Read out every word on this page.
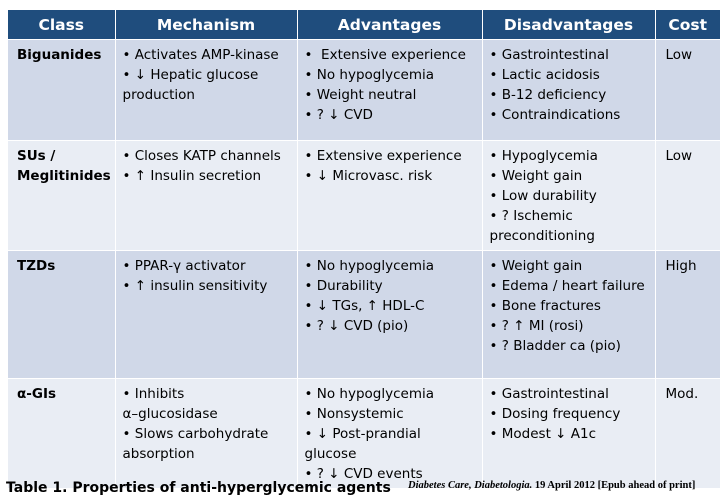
Class	Mechanism	Advantages	Disadvantages	Cost

Biguanides	• Activates AMP-kinase
• ↓ Hepatic glucose
production	•  Extensive experience
• No hypoglycemia
• Weight neutral
• ? ↓ CVD	• Gastrointestinal
• Lactic acidosis
• B-12 deficiency
• Contraindications	Low

SUs /
Meglitinides	• Closes KATP channels
• ↑ Insulin secretion	• Extensive experience
• ↓ Microvasc. risk	• Hypoglycemia
• Weight gain
• Low durability
• ? Ischemic
preconditioning	Low

TZDs	• PPAR-γ activator
• ↑ insulin sensitivity	• No hypoglycemia
• Durability
• ↓ TGs, ↑ HDL-C
• ? ↓ CVD (pio)	• Weight gain
• Edema / heart failure
• Bone fractures
• ? ↑ MI (rosi)
• ? Bladder ca (pio)	High

α-GIs	• Inhibits
α–glucosidase
• Slows carbohydrate
absorption	• No hypoglycemia
• Nonsystemic
• ↓ Post-prandial
glucose
• ? ↓ CVD events	• Gastrointestinal
• Dosing frequency
• Modest ↓ A1c	Mod.
Table 1. Properties of anti-hyperglycemic agents Diabetes Care, Diabetologia. 19 April 2012 [Epub ahead of print]
